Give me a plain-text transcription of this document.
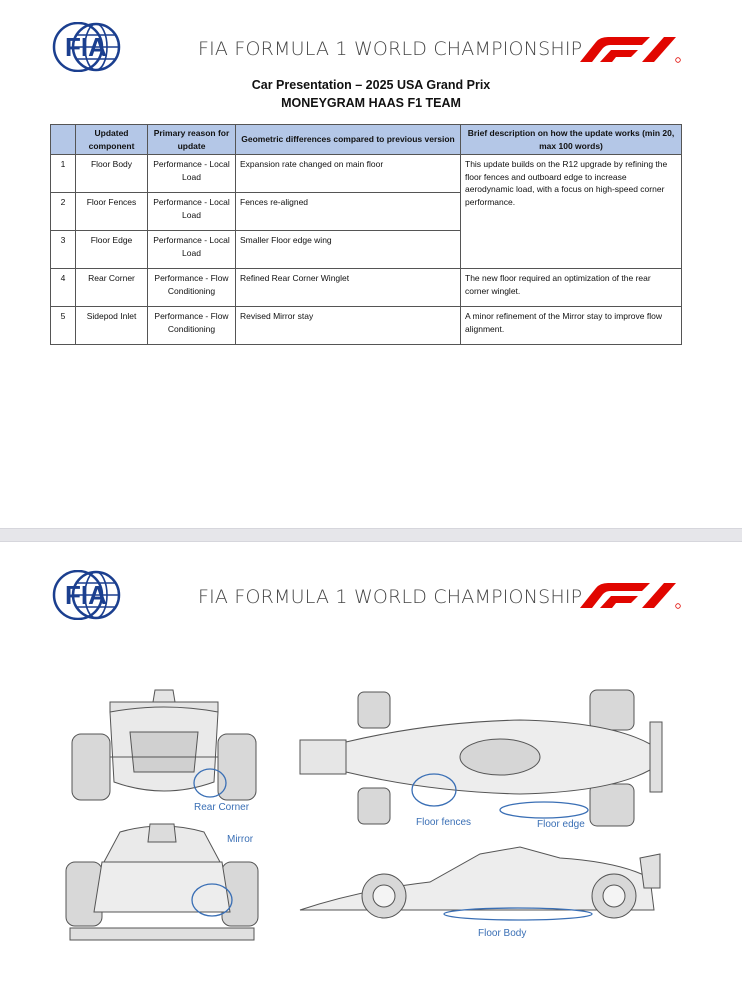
FIA	FIA FORMULA 1 WORLD CHAMPIONSHIP
Car Presentation – 2025 USA Grand Prix
MONEYGRAM HAAS F1 TEAM
	Updated component	Primary reason for update	Geometric differences compared to previous version	Brief description on how the update works (min 20, max 100 words)
1	Floor Body	Performance - Local Load	Expansion rate changed on main floor	This update builds on the R12 upgrade by refining the floor fences and outboard edge to increase aerodynamic load, with a focus on high-speed corner performance.
2	Floor Fences	Performance - Local Load	Fences re-aligned	
3	Floor Edge	Performance - Local Load	Smaller Floor edge wing	
4	Rear Corner	Performance - Flow Conditioning	Refined Rear Corner Winglet	The new floor required an optimization of the rear corner winglet.
5	Sidepod Inlet	Performance - Flow Conditioning	Revised Mirror stay	A minor refinement of the Mirror stay to improve flow alignment.
FIA	FIA FORMULA 1 WORLD CHAMPIONSHIP
Rear Corner
Mirror
Floor fences	Floor edge
Floor Body
